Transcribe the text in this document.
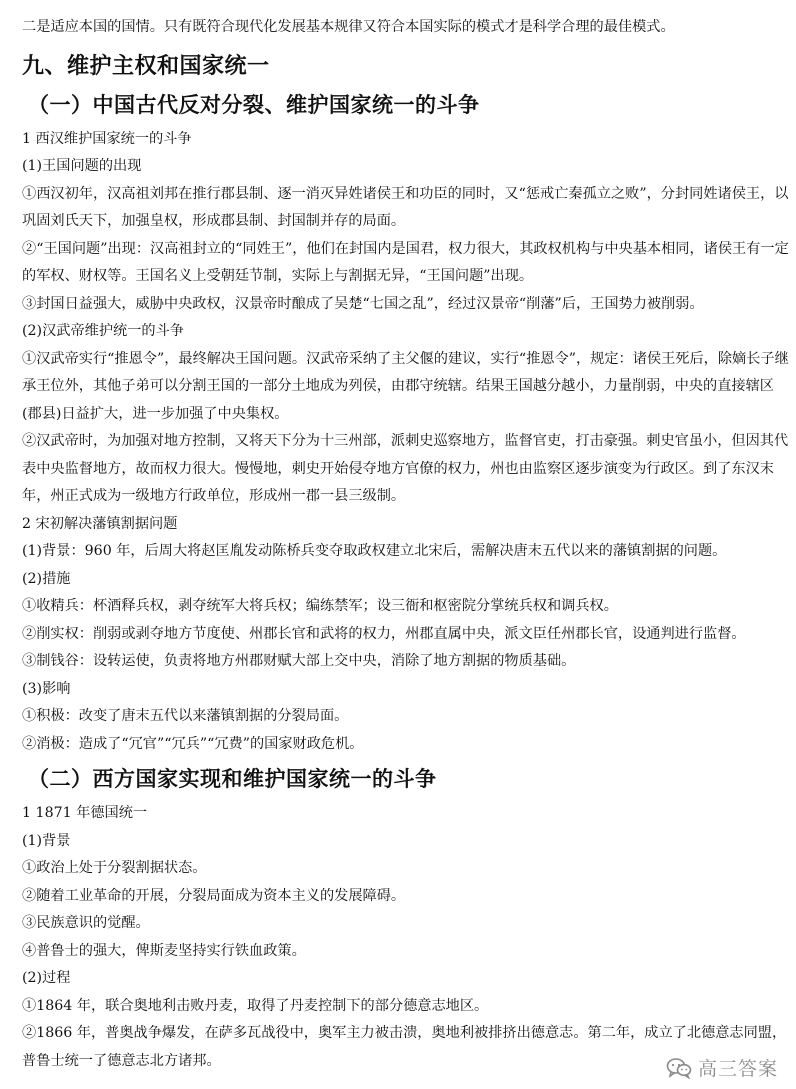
二是适应本国的国情。只有既符合现代化发展基本规律又符合本国实际的模式才是科学合理的最佳模式。

九、维护主权和国家统一
（一）中国古代反对分裂、维护国家统一的斗争

1 西汉维护国家统一的斗争

(1)王国问题的出现

①西汉初年，汉高祖刘邦在推行郡县制、逐一消灭异姓诸侯王和功臣的同时，又“惩戒亡秦孤立之败”，分封同姓诸侯王，以巩固刘氏天下，加强皇权，形成郡县制、封国制并存的局面。

②“王国问题”出现：汉高祖封立的“同姓王”，他们在封国内是国君，权力很大，其政权机构与中央基本相同，诸侯王有一定的军权、财权等。王国名义上受朝廷节制，实际上与割据无异，“王国问题”出现。

③封国日益强大，威胁中央政权，汉景帝时酿成了吴楚“七国之乱”，经过汉景帝“削藩”后，王国势力被削弱。

(2)汉武帝维护统一的斗争

①汉武帝实行“推恩令”，最终解决王国问题。汉武帝采纳了主父偃的建议，实行“推恩令”，规定：诸侯王死后，除嫡长子继承王位外，其他子弟可以分割王国的一部分土地成为列侯，由郡守统辖。结果王国越分越小，力量削弱，中央的直接辖区(郡县)日益扩大，进一步加强了中央集权。

②汉武帝时，为加强对地方控制，又将天下分为十三州部，派刺史巡察地方，监督官吏，打击豪强。刺史官虽小，但因其代表中央监督地方，故而权力很大。慢慢地，刺史开始侵夺地方官僚的权力，州也由监察区逐步演变为行政区。到了东汉末年，州正式成为一级地方行政单位，形成州一郡一县三级制。

2 宋初解决藩镇割据问题

(1)背景：960 年，后周大将赵匡胤发动陈桥兵变夺取政权建立北宋后，需解决唐末五代以来的藩镇割据的问题。

(2)措施

①收精兵：杯酒释兵权，剥夺统军大将兵权；编练禁军；设三衙和枢密院分掌统兵权和调兵权。

②削实权：削弱或剥夺地方节度使、州郡长官和武将的权力，州郡直属中央，派文臣任州郡长官，设通判进行监督。

③制钱谷：设转运使，负责将地方州郡财赋大部上交中央，消除了地方割据的物质基础。

(3)影响

①积极：改变了唐末五代以来藩镇割据的分裂局面。

②消极：造成了“冗官”“冗兵”“冗费”的国家财政危机。

（二）西方国家实现和维护国家统一的斗争

1 1871 年德国统一

(1)背景

①政治上处于分裂割据状态。

②随着工业革命的开展，分裂局面成为资本主义的发展障碍。

③民族意识的觉醒。

④普鲁士的强大，俾斯麦坚持实行铁血政策。

(2)过程

①1864 年，联合奥地利击败丹麦，取得了丹麦控制下的部分德意志地区。

②1866 年，普奥战争爆发，在萨多瓦战役中，奥军主力被击溃，奥地利被排挤出德意志。第二年，成立了北德意志同盟，普鲁士统一了德意志北方诸邦。	高三答案
